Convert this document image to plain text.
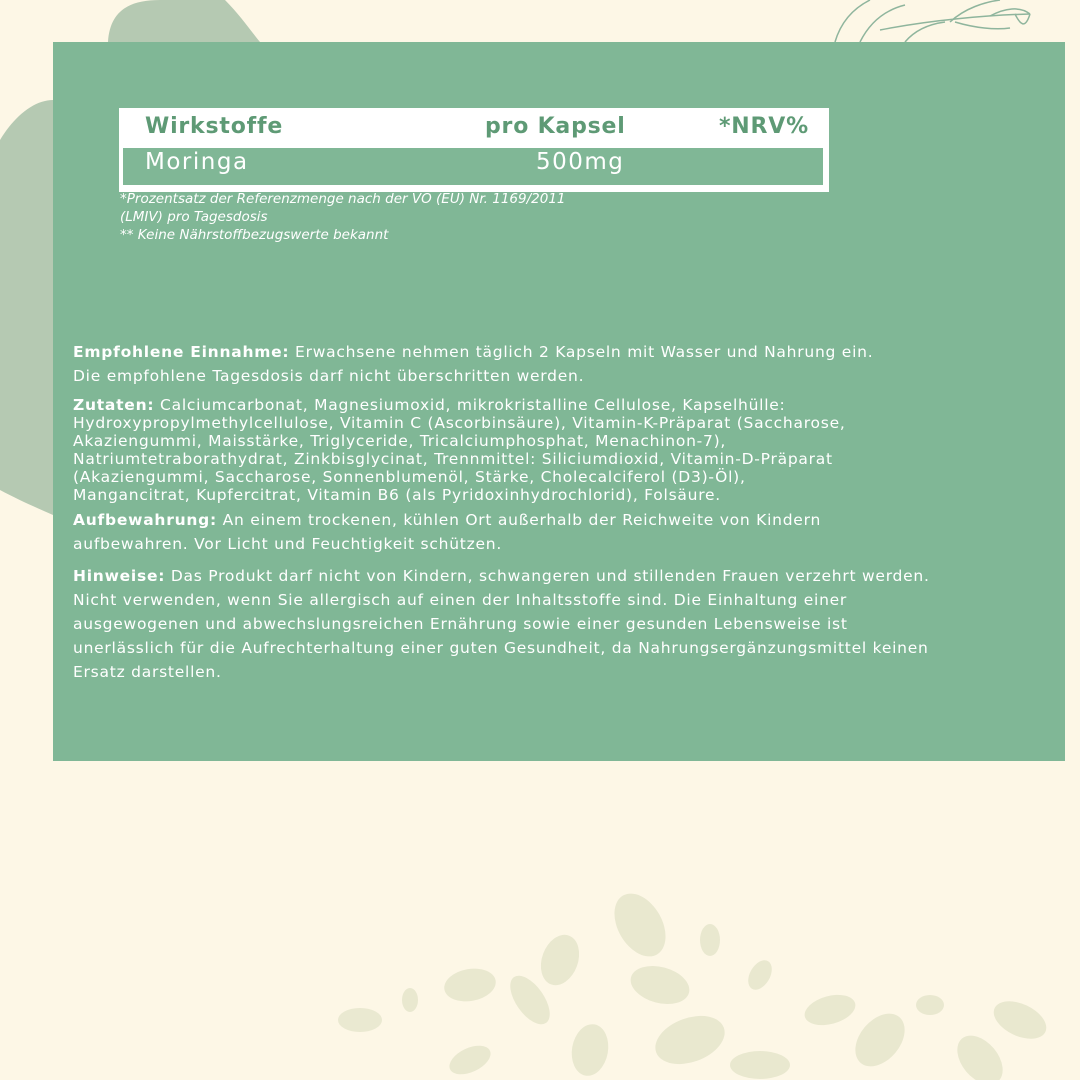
Wirkstoffe	pro Kapsel	*NRV%
Moringa	500mg
*Prozentsatz der Referenzmenge nach der VO (EU) Nr. 1169/2011
(LMIV) pro Tagesdosis
** Keine Nährstoffbezugswerte bekannt

Empfohlene Einnahme: Erwachsene nehmen täglich 2 Kapseln mit Wasser und Nahrung ein.
Die empfohlene Tagesdosis darf nicht überschritten werden.

Zutaten: Calciumcarbonat, Magnesiumoxid, mikrokristalline Cellulose, Kapselhülle:
Hydroxypropylmethylcellulose, Vitamin C (Ascorbinsäure), Vitamin-K-Präparat (Saccharose,
Akaziengummi, Maisstärke, Triglyceride, Tricalciumphosphat, Menachinon-7),
Natriumtetraborathydrat, Zinkbisglycinat, Trennmittel: Siliciumdioxid, Vitamin-D-Präparat
(Akaziengummi, Saccharose, Sonnenblumenöl, Stärke, Cholecalciferol (D3)-Öl),
Mangancitrat, Kupfercitrat, Vitamin B6 (als Pyridoxinhydrochlorid), Folsäure.

Aufbewahrung: An einem trockenen, kühlen Ort außerhalb der Reichweite von Kindern
aufbewahren. Vor Licht und Feuchtigkeit schützen.

Hinweise: Das Produkt darf nicht von Kindern, schwangeren und stillenden Frauen verzehrt werden.
Nicht verwenden, wenn Sie allergisch auf einen der Inhaltsstoffe sind. Die Einhaltung einer
ausgewogenen und abwechslungsreichen Ernährung sowie einer gesunden Lebensweise ist
unerlässlich für die Aufrechterhaltung einer guten Gesundheit, da Nahrungsergänzungsmittel keinen
Ersatz darstellen.
